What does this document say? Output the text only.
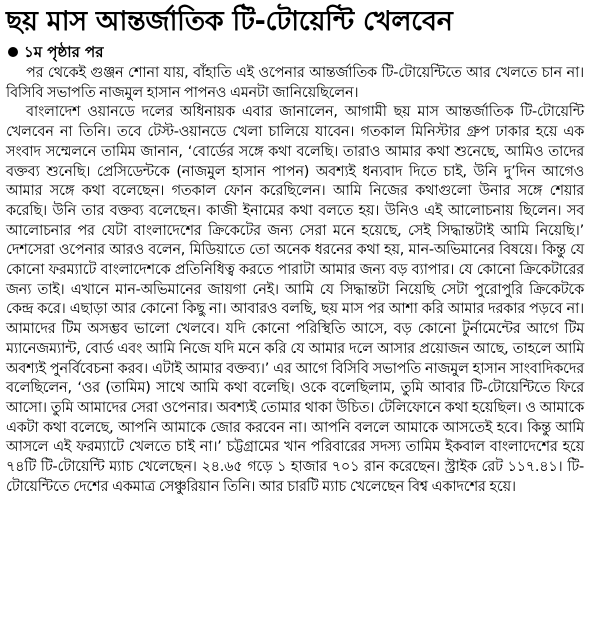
ছয় মাস আন্তর্জাতিক টি-টোয়েন্টি খেলবেন
১ম পৃষ্ঠার পর

পর থেকেই গুঞ্জন শোনা যায়, বাঁহাতি এই ওপেনার আন্তর্জাতিক টি-টোয়েন্টিতে আর খেলতে চান না। বিসিবি সভাপতি নাজমুল হাসান পাপনও এমনটা জানিয়েছিলেন।

বাংলাদেশ ওয়ানডে দলের অধিনায়ক এবার জানালেন, আগামী ছয় মাস আন্তর্জাতিক টি-টোয়েন্টি খেলবেন না তিনি। তবে টেস্ট-ওয়ানডে খেলা চালিয়ে যাবেন। গতকাল মিনিস্টার গ্রুপ ঢাকার হয়ে এক সংবাদ সম্মেলনে তামিম জানান, ‘বোর্ডের সঙ্গে কথা বলেছি। তারাও আমার কথা শুনেছে, আমিও তাদের বক্তব্য শুনেছি। প্রেসিডেন্টকে (নাজমুল হাসান পাপন) অবশ্যই ধন্যবাদ দিতে চাই, উনি দু’দিন আগেও আমার সঙ্গে কথা বলেছেন। গতকাল ফোন করেছিলেন। আমি নিজের কথাগুলো উনার সঙ্গে শেয়ার করেছি। উনি তার বক্তব্য বলেছেন। কাজী ইনামের কথা বলতে হয়। উনিও এই আলোচনায় ছিলেন। সব আলোচনার পর যেটা বাংলাদেশের ক্রিকেটের জন্য সেরা মনে হয়েছে, সেই সিদ্ধান্তটাই আমি নিয়েছি।’ দেশসেরা ওপেনার আরও বলেন, মিডিয়াতে তো অনেক ধরনের কথা হয়, মান-অভিমানের বিষয়ে। কিন্তু যে কোনো ফরম্যাটে বাংলাদেশকে প্রতিনিধিত্ব করতে পারাটা আমার জন্য বড় ব্যাপার। যে কোনো ক্রিকেটারের জন্য তাই। এখানে মান-অভিমানের জায়গা নেই। আমি যে সিদ্ধান্তটা নিয়েছি সেটা পুরোপুরি ক্রিকেটকে কেন্দ্র করে। এছাড়া আর কোনো কিছু না। আবারও বলছি, ছয় মাস পর আশা করি আমার দরকার পড়বে না। আমাদের টিম অসম্ভব ভালো খেলবে। যদি কোনো পরিস্থিতি আসে, বড় কোনো টুর্নামেন্টের আগে টিম ম্যানেজম্যান্ট, বোর্ড এবং আমি নিজে যদি মনে করি যে আমার দলে আসার প্রয়োজন আছে, তাহলে আমি অবশ্যই পুনর্বিবেচনা করব। এটাই আমার বক্তব্য।’ এর আগে বিসিবি সভাপতি নাজমুল হাসান সাংবাদিকদের বলেছিলেন, ‘ওর (তামিম) সাথে আমি কথা বলেছি। ওকে বলেছিলাম, তুমি আবার টি-টোয়েন্টিতে ফিরে আসো। তুমি আমাদের সেরা ওপেনার। অবশ্যই তোমার থাকা উচিত। টেলিফোনে কথা হয়েছিল। ও আমাকে একটা কথা বলেছে, আপনি আমাকে জোর করবেন না। আপনি বললে আমাকে আসতেই হবে। কিন্তু আমি আসলে এই ফরম্যাটে খেলতে চাই না।’ চট্টগ্রামের খান পরিবারের সদস্য তামিম ইকবাল বাংলাদেশের হয়ে ৭৪টি টি-টোয়েন্টি ম্যাচ খেলেছেন। ২৪.৬৫ গড়ে ১ হাজার ৭০১ রান করেছেন। স্ট্রাইক রেট ১১৭.৪১। টি-টোয়েন্টিতে দেশের একমাত্র সেঞ্চুরিয়ান তিনি। আর চারটি ম্যাচ খেলেছেন বিশ্ব একাদশের হয়ে।
